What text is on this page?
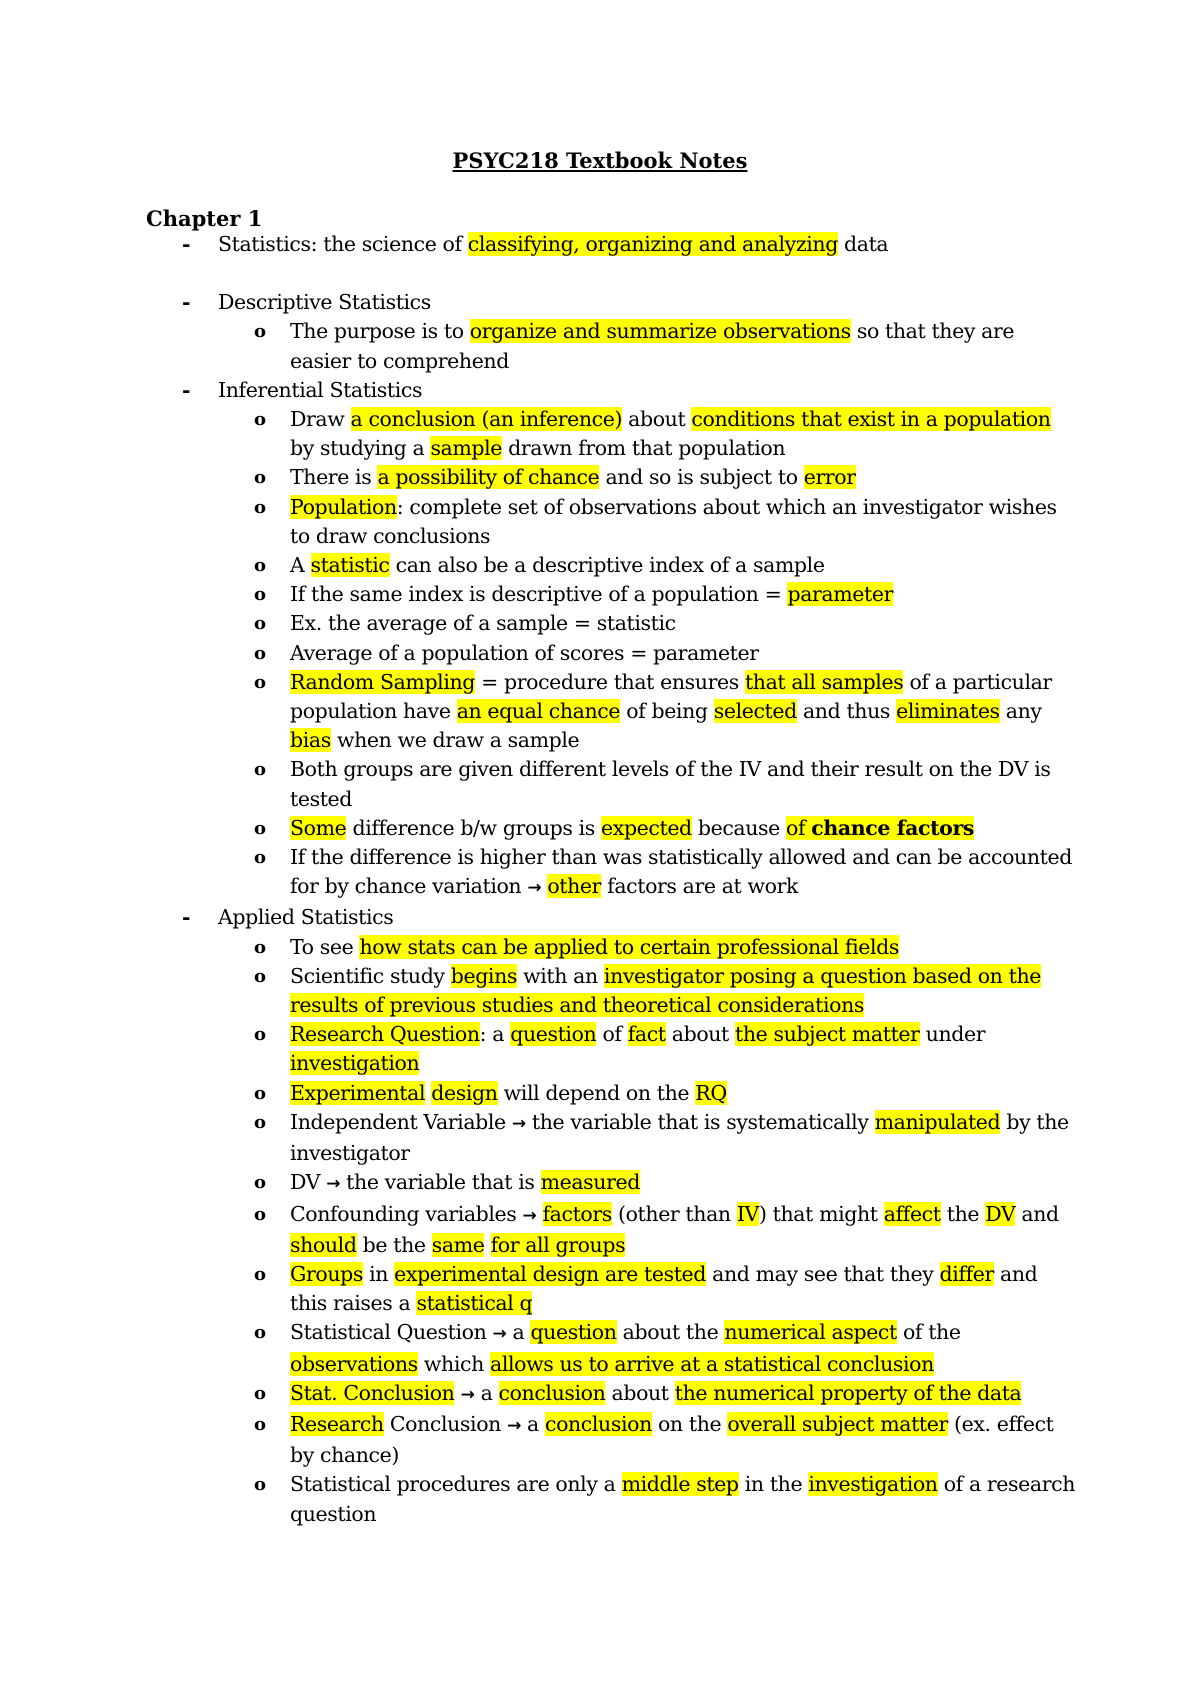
PSYC218 Textbook Notes
Chapter 1
- Statistics: the science of classifying, organizing and analyzing data
- Descriptive Statistics
o The purpose is to organize and summarize observations so that they are easier to comprehend
- Inferential Statistics
o Draw a conclusion (an inference) about conditions that exist in a population by studying a sample drawn from that population
o There is a possibility of chance and so is subject to error
o Population: complete set of observations about which an investigator wishes to draw conclusions
o A statistic can also be a descriptive index of a sample
o If the same index is descriptive of a population = parameter
o Ex. the average of a sample = statistic
o Average of a population of scores = parameter
o Random Sampling = procedure that ensures that all samples of a particular population have an equal chance of being selected and thus eliminates any bias when we draw a sample
o Both groups are given different levels of the IV and their result on the DV is tested
o Some difference b/w groups is expected because of chance factors
o If the difference is higher than was statistically allowed and can be accounted for by chance variation → other factors are at work
- Applied Statistics
o To see how stats can be applied to certain professional fields
o Scientific study begins with an investigator posing a question based on the results of previous studies and theoretical considerations
o Research Question: a question of fact about the subject matter under investigation
o Experimental design will depend on the RQ
o Independent Variable → the variable that is systematically manipulated by the investigator
o DV → the variable that is measured
o Confounding variables → factors (other than IV) that might affect the DV and should be the same for all groups
o Groups in experimental design are tested and may see that they differ and this raises a statistical q
o Statistical Question → a question about the numerical aspect of the observations which allows us to arrive at a statistical conclusion
o Stat. Conclusion → a conclusion about the numerical property of the data
o Research Conclusion → a conclusion on the overall subject matter (ex. effect by chance)
o Statistical procedures are only a middle step in the investigation of a research question
